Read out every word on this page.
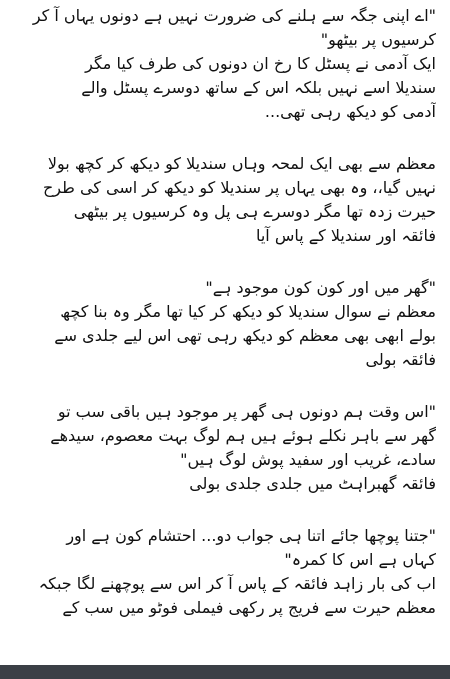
"اے اپنی جگہ سے ہلنے کی ضرورت نہیں ہے دونوں یہاں آ کر
کرسیوں پر بیٹھو"
ایک آدمی نے پسٹل کا رخ ان دونوں کی طرف کیا مگر
سندیلا اسے نہیں بلکہ اس کے ساتھ دوسرے پسٹل والے
آدمی کو دیکھ رہی تھی...
معظم سے بھی ایک لمحہ وہاں سندیلا کو دیکھ کر کچھ بولا
نہیں گیا،، وہ بھی یہاں پر سندیلا کو دیکھ کر اسی کی طرح
حیرت زدہ تھا مگر دوسرے ہی پل وہ کرسیوں پر بیٹھی
فائقہ اور سندیلا کے پاس آیا
"گھر میں اور کون کون موجود ہے"
معظم نے سوال سندیلا کو دیکھ کر کیا تھا مگر وہ بنا کچھ
بولے ابھی بھی معظم کو دیکھ رہی تھی اس لیے جلدی سے
فائقہ بولی
"اس وقت ہم دونوں ہی گھر پر موجود ہیں باقی سب تو
گھر سے باہر نکلے ہوئے ہیں ہم لوگ بہت معصوم، سیدھے
سادے، غریب اور سفید پوش لوگ ہیں"
فائقہ گھبراہٹ میں جلدی جلدی بولی
"جتنا پوچھا جائے اتنا ہی جواب دو... احتشام کون ہے اور
کہاں ہے اس کا کمرہ"
اب کی بار زاہد فائقہ کے پاس آ کر اس سے پوچھنے لگا جبکہ
معظم حیرت سے فریج پر رکھی فیملی فوٹو میں سب کے
